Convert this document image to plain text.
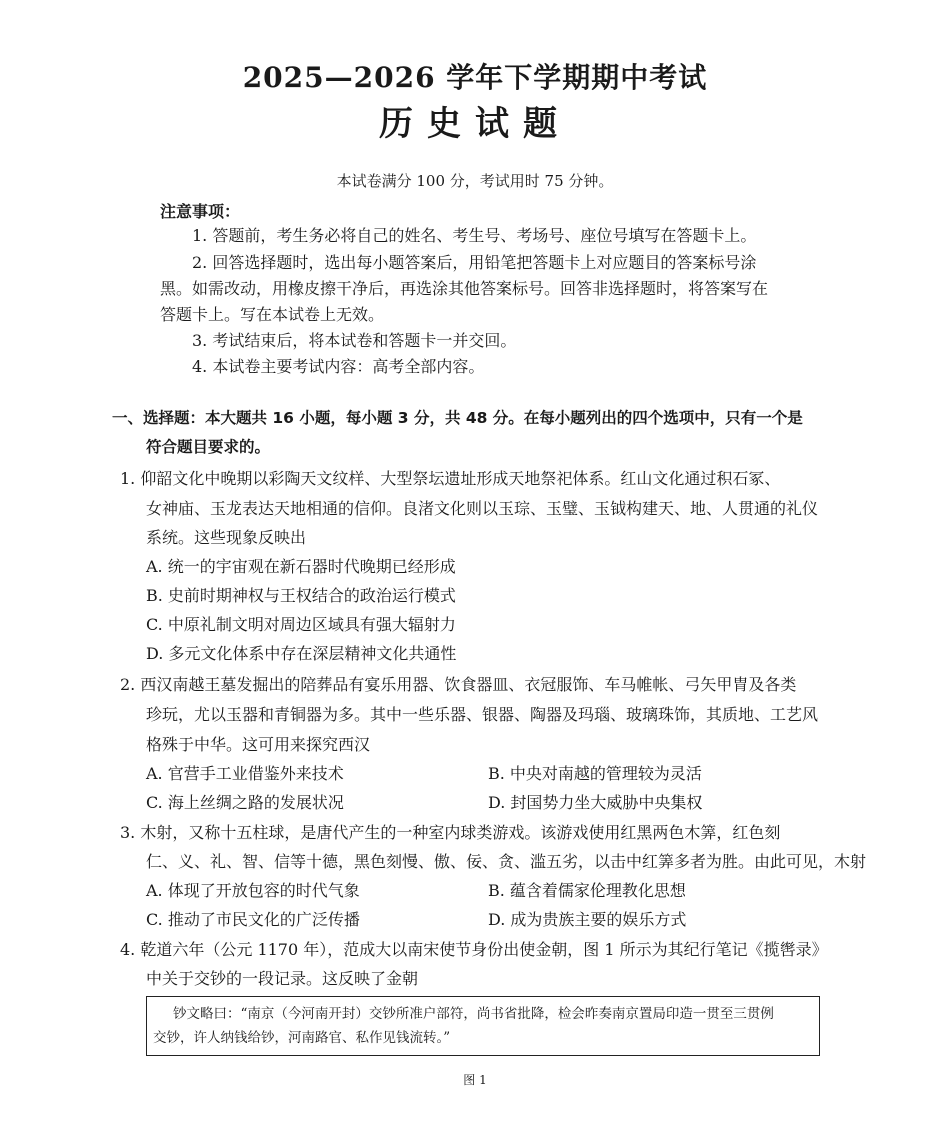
2025—2026 学年下学期期中考试
历史试题
本试卷满分 100 分，考试用时 75 分钟。
注意事项：
1. 答题前，考生务必将自己的姓名、考生号、考场号、座位号填写在答题卡上。
2. 回答选择题时，选出每小题答案后，用铅笔把答题卡上对应题目的答案标号涂
黑。如需改动，用橡皮擦干净后，再选涂其他答案标号。回答非选择题时，将答案写在
答题卡上。写在本试卷上无效。
3. 考试结束后，将本试卷和答题卡一并交回。
4. 本试卷主要考试内容：高考全部内容。
一、选择题：本大题共 16 小题，每小题 3 分，共 48 分。在每小题列出的四个选项中，只有一个是
符合题目要求的。
1. 仰韶文化中晚期以彩陶天文纹样、大型祭坛遗址形成天地祭祀体系。红山文化通过积石冢、
女神庙、玉龙表达天地相通的信仰。良渚文化则以玉琮、玉璧、玉钺构建天、地、人贯通的礼仪
系统。这些现象反映出
A. 统一的宇宙观在新石器时代晚期已经形成
B. 史前时期神权与王权结合的政治运行模式
C. 中原礼制文明对周边区域具有强大辐射力
D. 多元文化体系中存在深层精神文化共通性
2. 西汉南越王墓发掘出的陪葬品有宴乐用器、饮食器皿、衣冠服饰、车马帷帐、弓矢甲胄及各类
珍玩，尤以玉器和青铜器为多。其中一些乐器、银器、陶器及玛瑙、玻璃珠饰，其质地、工艺风
格殊于中华。这可用来探究西汉
A. 官营手工业借鉴外来技术	B. 中央对南越的管理较为灵活
C. 海上丝绸之路的发展状况	D. 封国势力坐大威胁中央集权
3. 木射，又称十五柱球，是唐代产生的一种室内球类游戏。该游戏使用红黑两色木筭，红色刻
仁、义、礼、智、信等十德，黑色刻慢、傲、佞、贪、滥五劣，以击中红筭多者为胜。由此可见，木射
A. 体现了开放包容的时代气象	B. 蕴含着儒家伦理教化思想
C. 推动了市民文化的广泛传播	D. 成为贵族主要的娱乐方式
4. 乾道六年（公元 1170 年），范成大以南宋使节身份出使金朝，图 1 所示为其纪行笔记《揽辔录》
中关于交钞的一段记录。这反映了金朝
钞文略曰：“南京（今河南开封）交钞所准户部符，尚书省批降，检会昨奏南京置局印造一贯至三贯例
交钞，许人纳钱给钞，河南路官、私作见钱流转。”
图 1
